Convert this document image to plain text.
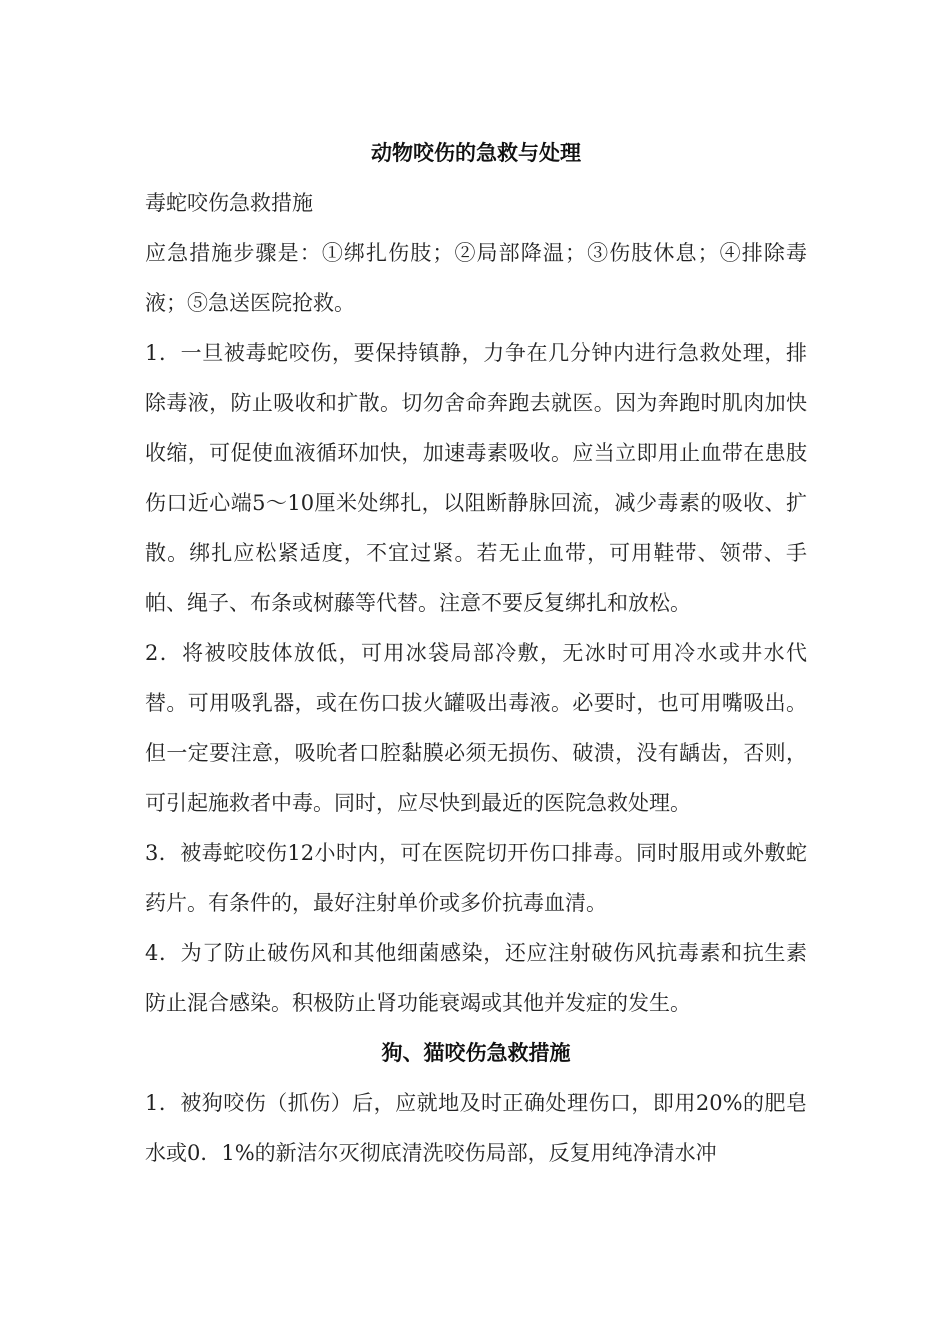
动物咬伤的急救与处理

毒蛇咬伤急救措施

应急措施步骤是：①绑扎伤肢；②局部降温；③伤肢休息；④排除毒液；⑤急送医院抢救。

1．一旦被毒蛇咬伤，要保持镇静，力争在几分钟内进行急救处理，排除毒液，防止吸收和扩散。切勿舍命奔跑去就医。因为奔跑时肌肉加快收缩，可促使血液循环加快，加速毒素吸收。应当立即用止血带在患肢伤口近心端5～10厘米处绑扎，以阻断静脉回流，减少毒素的吸收、扩散。绑扎应松紧适度，不宜过紧。若无止血带，可用鞋带、领带、手帕、绳子、布条或树藤等代替。注意不要反复绑扎和放松。

2．将被咬肢体放低，可用冰袋局部冷敷，无冰时可用冷水或井水代替。可用吸乳器，或在伤口拔火罐吸出毒液。必要时，也可用嘴吸出。但一定要注意，吸吮者口腔黏膜必须无损伤、破溃，没有龋齿，否则，可引起施救者中毒。同时，应尽快到最近的医院急救处理。

3．被毒蛇咬伤12小时内，可在医院切开伤口排毒。同时服用或外敷蛇药片。有条件的，最好注射单价或多价抗毒血清。

4．为了防止破伤风和其他细菌感染，还应注射破伤风抗毒素和抗生素防止混合感染。积极防止肾功能衰竭或其他并发症的发生。

狗、猫咬伤急救措施

1．被狗咬伤（抓伤）后，应就地及时正确处理伤口，即用20%的肥皂水或0．1%的新洁尔灭彻底清洗咬伤局部，反复用纯净清水冲
